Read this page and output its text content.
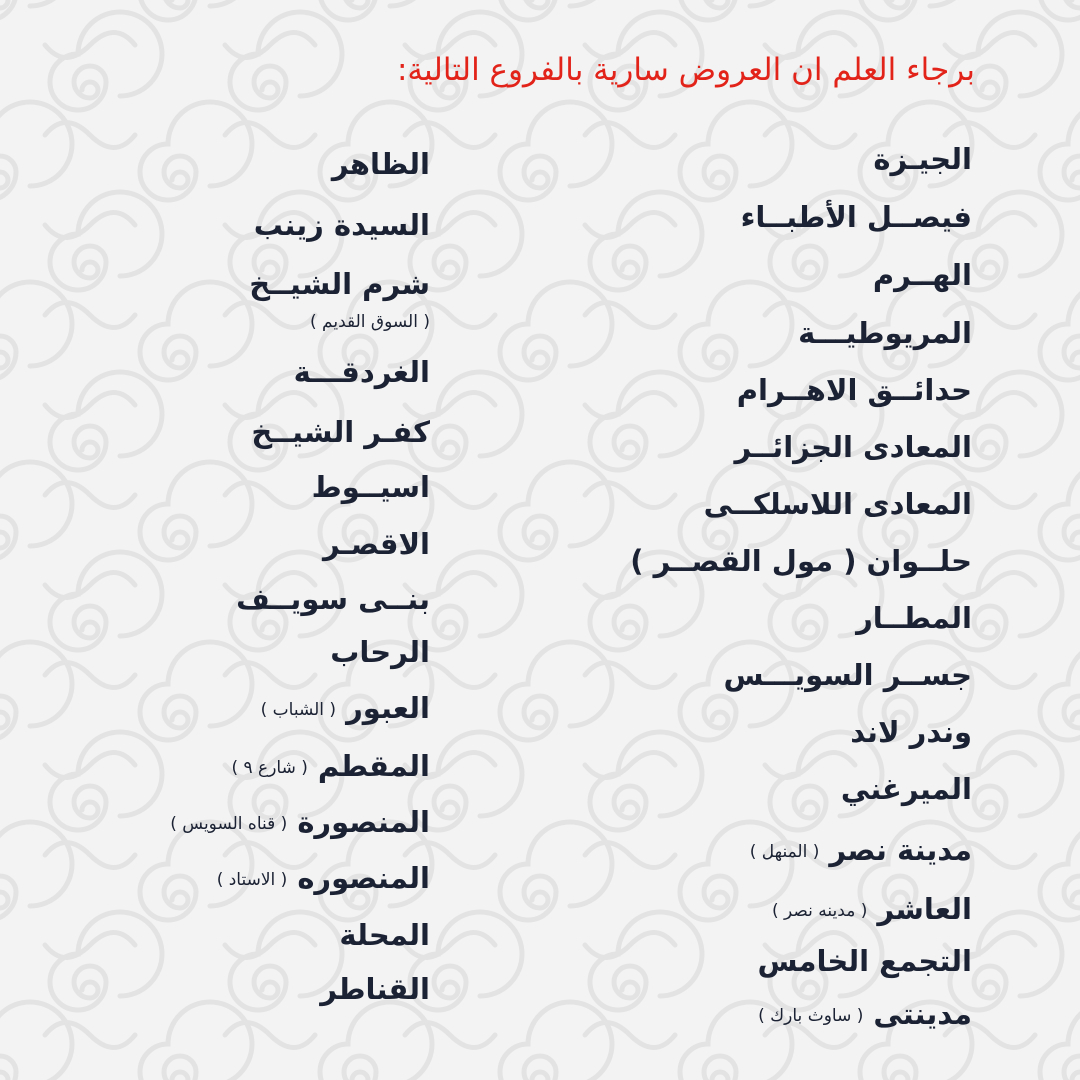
برجاء العلم ان العروض سارية بالفروع التالية:
الجيـزة
فيصــل الأطبــاء
الهــرم
المريوطيـــة
حدائــق الاهــرام
المعادى الجزائــر
المعادى اللاسلكــى
حلــوان ( مول القصــر )
المطــار
جســر السويـــس
وندر لاند
الميرغني
مدينة نصر( المنهل )
العاشر( مدينه نصر )
التجمع الخامس
مدينتى( ساوث بارك )
الظاهر
السيدة زينب
شرم الشيــخ
( السوق القديم )
الغردقـــة
كفـر الشيــخ
اسيــوط
الاقصـر
بنــى سويــف
الرحاب
العبور( الشباب )
المقطم( شارع ٩ )
المنصورة( قناه السويس )
المنصوره( الاستاد )
المحلة
القناطر
